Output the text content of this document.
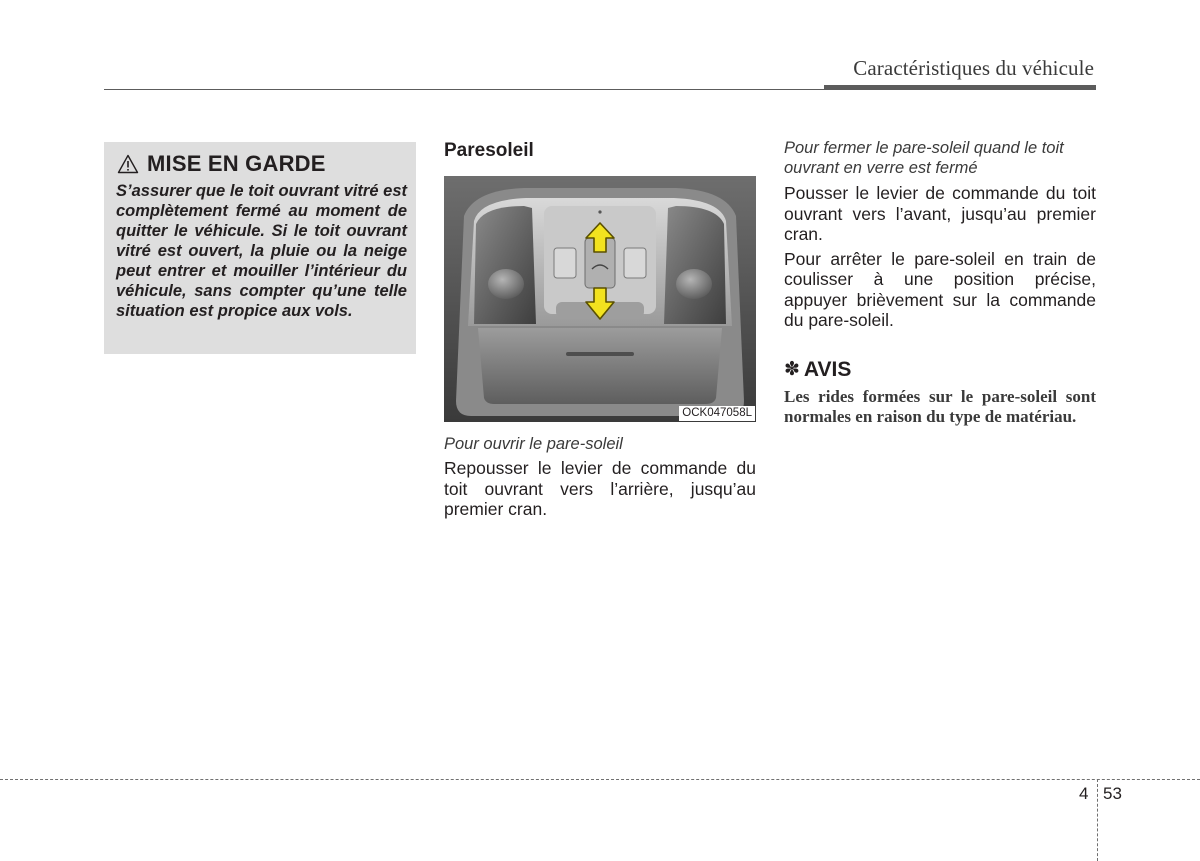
Caractéristiques du véhicule
MISE EN GARDE
S’assurer que le toit ouvrant vitré est complètement fermé au moment de quitter le véhicule. Si le toit ouvrant vitré est ouvert, la pluie ou la neige peut entrer et mouiller l’intérieur du véhicule, sans compter qu’une telle situation est propice aux vols.
Paresoleil
OCK047058L
Pour ouvrir le pare-soleil

Repousser le levier de commande du toit ouvrant vers l’arrière, jusqu’au premier cran.

Pour fermer le pare-soleil quand le toit ouvrant en verre est fermé

Pousser le levier de commande du toit ouvrant vers l’avant, jusqu’au premier cran.

Pour arrêter le pare-soleil en train de coulisser à une position précise, appuyer brièvement sur la commande du pare-soleil.

✽ AVIS
Les rides formées sur le pare-soleil sont normales en raison du type de matériau.
4 53
